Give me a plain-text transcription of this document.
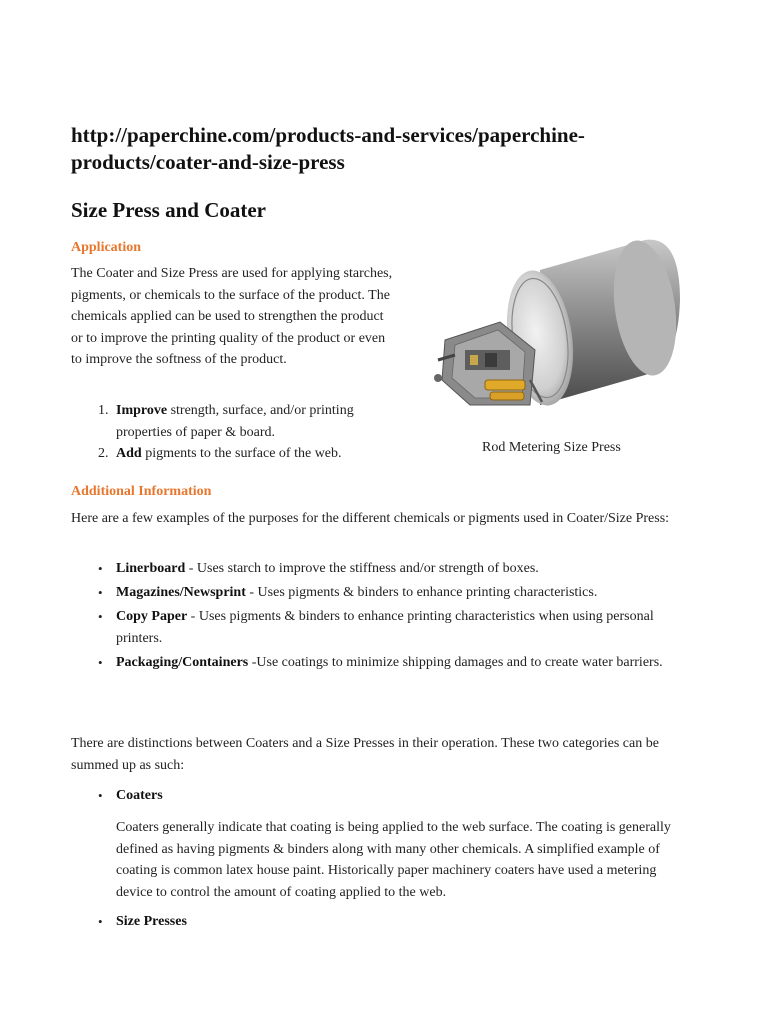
http://paperchine.com/products-and-services/paperchine-products/coater-and-size-press
Size Press and Coater
Application
The Coater and Size Press are used for applying starches, pigments, or chemicals to the surface of the product. The chemicals applied can be used to strengthen the product or to improve the printing quality of the product or even to improve the softness of the product.
1. Improve strength, surface, and/or printing properties of paper & board.
2. Add pigments to the surface of the web.	Rod Metering Size Press
Additional Information
Here are a few examples of the purposes for the different chemicals or pigments used in Coater/Size Press:
• Linerboard - Uses starch to improve the stiffness and/or strength of boxes.
• Magazines/Newsprint - Uses pigments & binders to enhance printing characteristics.
• Copy Paper - Uses pigments & binders to enhance printing characteristics when using personal printers.
• Packaging/Containers -Use coatings to minimize shipping damages and to create water barriers.
There are distinctions between Coaters and a Size Presses in their operation. These two categories can be summed up as such:
• Coaters
Coaters generally indicate that coating is being applied to the web surface. The coating is generally defined as having pigments & binders along with many other chemicals. A simplified example of coating is common latex house paint. Historically paper machinery coaters have used a metering device to control the amount of coating applied to the web.
• Size Presses
